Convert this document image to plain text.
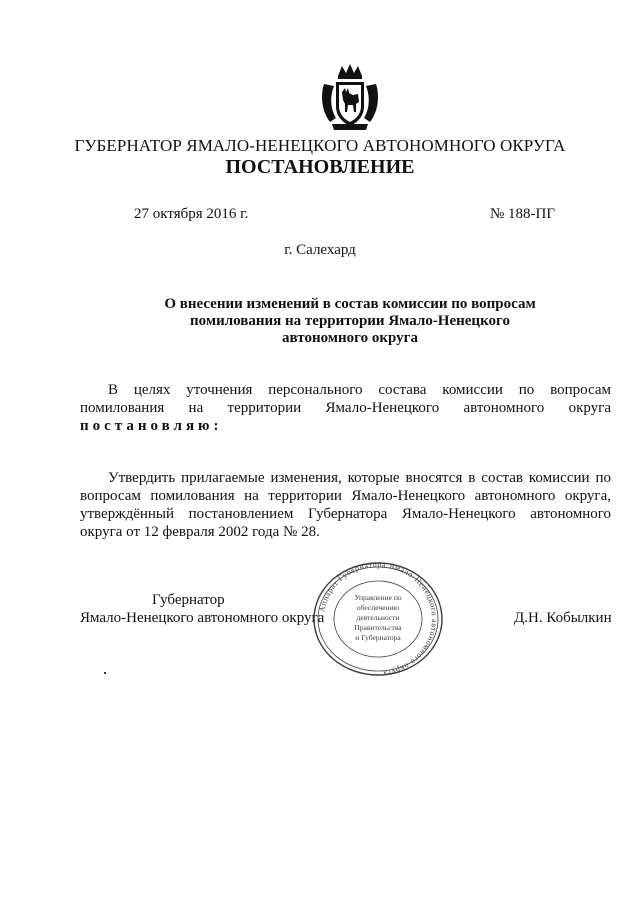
ГУБЕРНАТОР ЯМАЛО-НЕНЕЦКОГО АВТОНОМНОГО ОКРУГА
ПОСТАНОВЛЕНИЕ
27 октября 2016 г.	№ 188-ПГ
г. Салехард
О внесении изменений в состав комиссии по вопросам
помилования на территории Ямало-Ненецкого
автономного округа
В целях уточнения персонального состава комиссии по вопросам
помилования на территории Ямало-Ненецкого автономного округа
постановляю:
Утвердить прилагаемые изменения, которые вносятся в состав комиссии по вопросам помилования на территории Ямало-Ненецкого автономного округа, утверждённый постановлением Губернатора Ямало-Ненецкого автономного округа от 12 февраля 2002 года № 28.
Губернатор
Ямало-Ненецкого автономного округа	Д.Н. Кобылкин
Аппарат Губернатора Ямало-Ненецкого автономного округа
Управление по
обеспечению
деятельности
Правительства
и Губернатора
